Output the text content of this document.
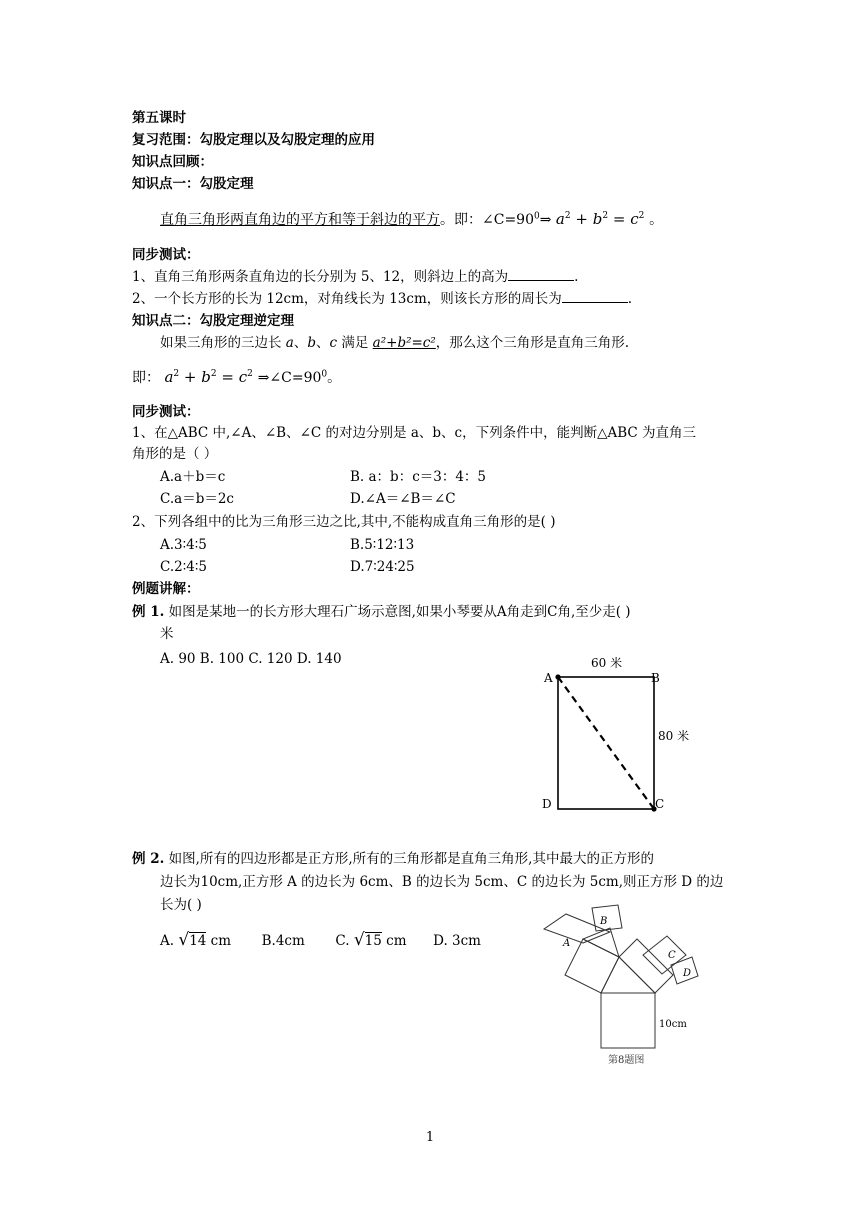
第五课时
复习范围：勾股定理以及勾股定理的应用
知识点回顾：
知识点一：勾股定理
直角三角形两直角边的平方和等于斜边的平方。即：$\angle C=90^0\Rightarrow$ $a^2 + b^2 = c^2$ 。
同步测试：
1、直角三角形两条直角边的长分别为 5、12，则斜边上的高为	.
2、一个长方形的长为 12cm，对角线长为 13cm，则该长方形的周长为	.
知识点二：勾股定理逆定理
如果三角形的三边长 a、b、c 满足 a²+b²=c²，那么这个三角形是直角三角形.
即： $a^2 + b^2 = c^2$ $\Rightarrow\angle C=90^0$。
同步测试：
1、在△ABC 中,∠A、∠B、∠C 的对边分别是 a、b、c，下列条件中，能判断△ABC 为直角三
角形的是（ ）
A.a＋b＝c	B. a：b：c＝3：4：5
C.a＝b＝2c	D.∠A＝∠B＝∠C
2、下列各组中的比为三角形三边之比,其中,不能构成直角三角形的是( )
A.3∶4∶5	B.5∶12∶13
C.2∶4∶5	D.7∶24∶25
例题讲解：
例 1. 如图是某地一的长方形大理石广场示意图,如果小琴要从A角走到C角,至少走( )
米
A. 90 B. 100 C. 120 D. 140	60 米
80 米
A	B
C
D
例 2. 如图,所有的四边形都是正方形,所有的三角形都是直角三角形,其中最大的正方形的
边长为10cm,正方形 A 的边长为 6cm、B 的边长为 5cm、C 的边长为 5cm,则正方形 D 的边
长为( )
A. √14 cm B.4cm C. √15 cm D. 3cm	A
B
C
D
10cm
第8题图
1
